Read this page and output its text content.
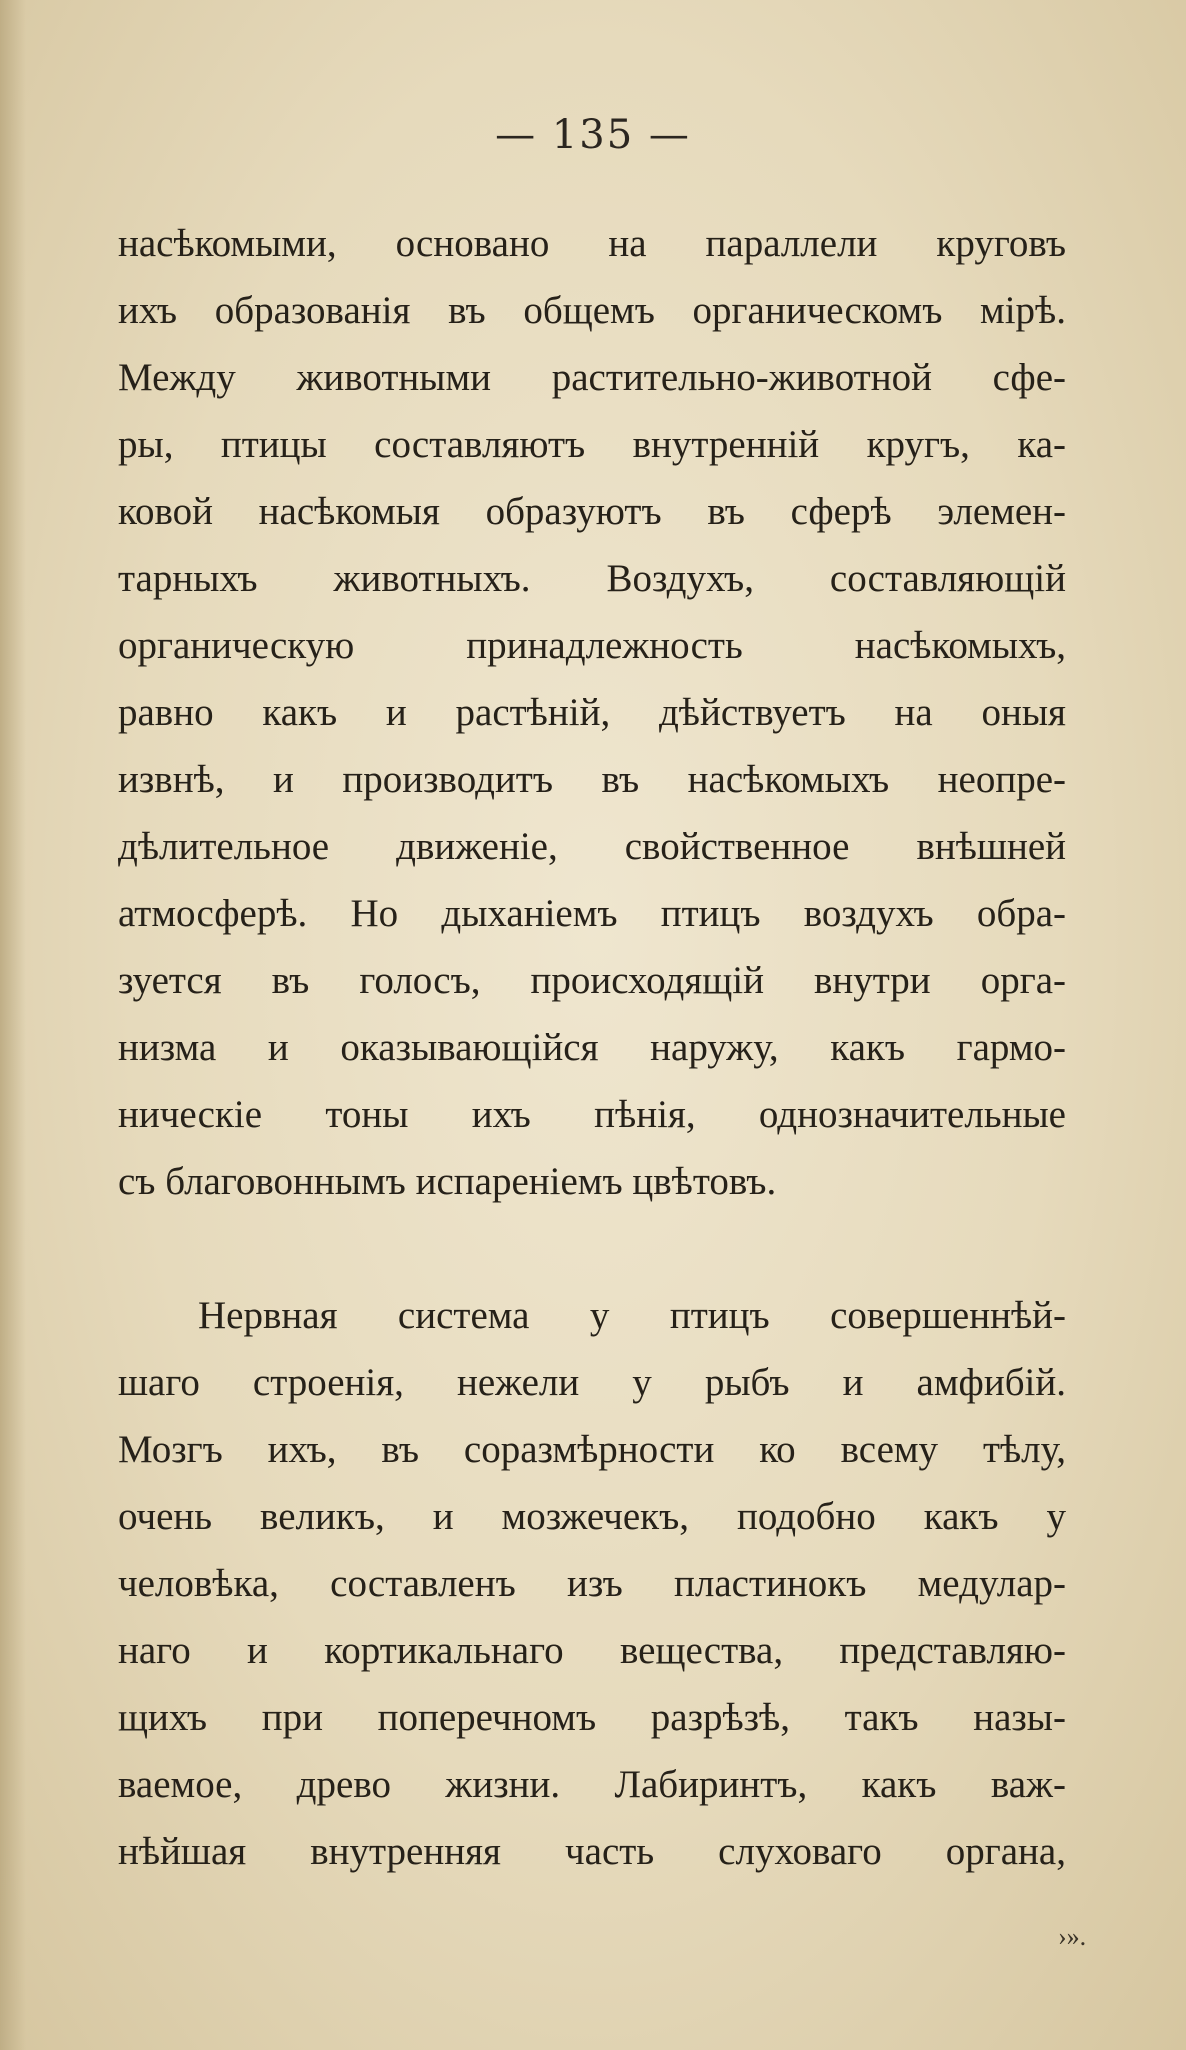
— 135 —
насѣкомыми, основано на параллели круговъ
ихъ образованія въ общемъ органическомъ мірѣ.
Между животными растительно-животной сфе-
ры, птицы составляютъ внутренній кругъ, ка-
ковой насѣкомыя образуютъ въ сферѣ элемен-
тарныхъ животныхъ. Воздухъ, составляющій
органическую принадлежность насѣкомыхъ,
равно какъ и растѣній, дѣйствуетъ на оныя
извнѣ, и производитъ въ насѣкомыхъ неопре-
дѣлительное движеніе, свойственное внѣшней
атмосферѣ. Но дыханіемъ птицъ воздухъ обра-
зуется въ голосъ, происходящій внутри орга-
низма и оказывающійся наружу, какъ гармо-
ническіе тоны ихъ пѣнія, однозначительные
съ благовоннымъ испареніемъ цвѣтовъ.
Нервная система у птицъ совершеннѣй-
шаго строенія, нежели у рыбъ и амфибій.
Мозгъ ихъ, въ соразмѣрности ко всему тѣлу,
очень великъ, и мозжечекъ, подобно какъ у
человѣка, составленъ изъ пластинокъ медулар-
наго и кортикальнаго вещества, представляю-
щихъ при поперечномъ разрѣзѣ, такъ назы-
ваемое, древо жизни. Лабиринтъ, какъ важ-
нѣйшая внутренняя часть слуховаго органа,
›».
